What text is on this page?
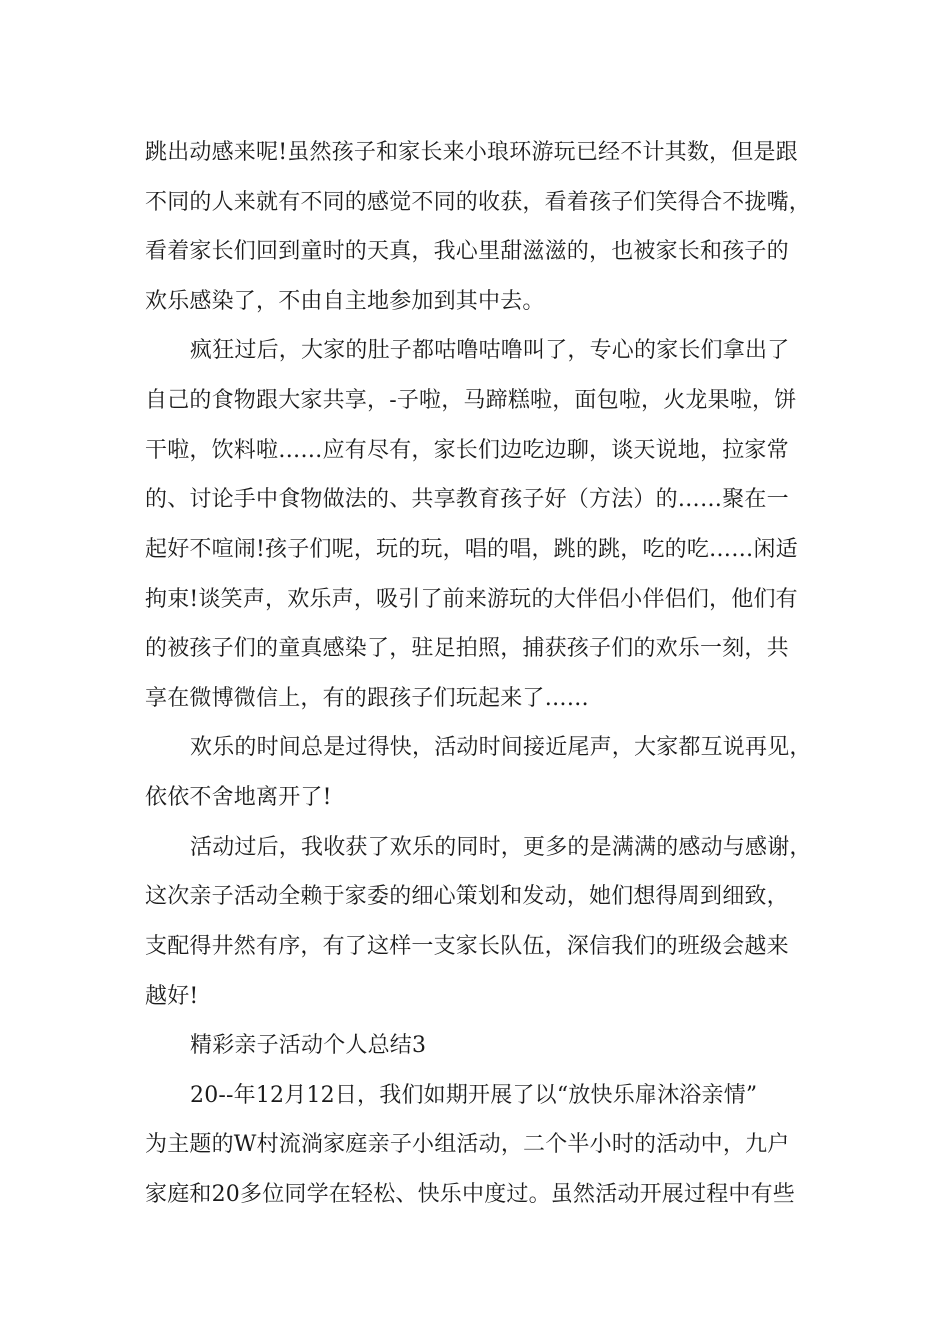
跳出动感来呢!虽然孩子和家长来小琅环游玩已经不计其数，但是跟
不同的人来就有不同的感觉不同的收获，看着孩子们笑得合不拢嘴，
看着家长们回到童时的天真，我心里甜滋滋的，也被家长和孩子的
欢乐感染了，不由自主地参加到其中去。
疯狂过后，大家的肚子都咕噜咕噜叫了，专心的家长们拿出了
自己的食物跟大家共享，-子啦，马蹄糕啦，面包啦，火龙果啦，饼
干啦，饮料啦……应有尽有，家长们边吃边聊，谈天说地，拉家常
的、讨论手中食物做法的、共享教育孩子好（方法）的……聚在一
起好不喧闹!孩子们呢，玩的玩，唱的唱，跳的跳，吃的吃……闲适
拘束!谈笑声，欢乐声，吸引了前来游玩的大伴侣小伴侣们，他们有
的被孩子们的童真感染了，驻足拍照，捕获孩子们的欢乐一刻，共
享在微博微信上，有的跟孩子们玩起来了……
欢乐的时间总是过得快，活动时间接近尾声，大家都互说再见，
依依不舍地离开了!
活动过后，我收获了欢乐的同时，更多的是满满的感动与感谢，
这次亲子活动全赖于家委的细心策划和发动，她们想得周到细致，
支配得井然有序，有了这样一支家长队伍，深信我们的班级会越来
越好!
精彩亲子活动个人总结3
20--年12月12日，我们如期开展了以“放快乐扉沐浴亲情”
为主题的W村流淌家庭亲子小组活动，二个半小时的活动中，九户
家庭和20多位同学在轻松、快乐中度过。虽然活动开展过程中有些
